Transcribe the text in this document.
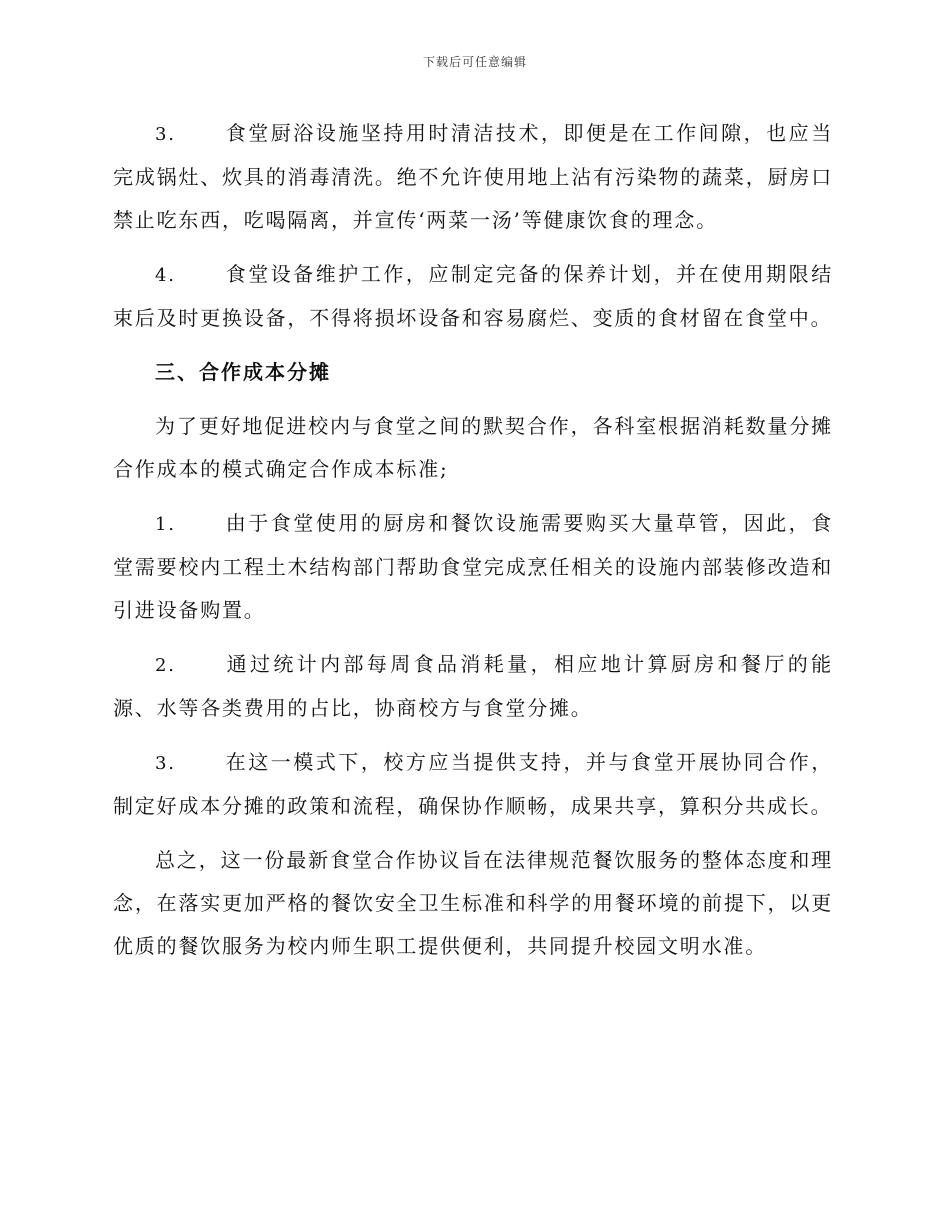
下载后可任意编辑

3. 食堂厨浴设施坚持用时清洁技术，即便是在工作间隙，也应当完成锅灶、炊具的消毒清洗。绝不允许使用地上沾有污染物的蔬菜，厨房口禁止吃东西，吃喝隔离，并宣传‘两菜一汤’等健康饮食的理念。

4. 食堂设备维护工作，应制定完备的保养计划，并在使用期限结束后及时更换设备，不得将损坏设备和容易腐烂、变质的食材留在食堂中。

三、合作成本分摊

为了更好地促进校内与食堂之间的默契合作，各科室根据消耗数量分摊合作成本的模式确定合作成本标准;

1. 由于食堂使用的厨房和餐饮设施需要购买大量草管，因此，食堂需要校内工程土木结构部门帮助食堂完成烹任相关的设施内部装修改造和引进设备购置。

2. 通过统计内部每周食品消耗量，相应地计算厨房和餐厅的能源、水等各类费用的占比，协商校方与食堂分摊。

3. 在这一模式下，校方应当提供支持，并与食堂开展协同合作，制定好成本分摊的政策和流程，确保协作顺畅，成果共享，算积分共成长。

总之，这一份最新食堂合作协议旨在法律规范餐饮服务的整体态度和理念，在落实更加严格的餐饮安全卫生标准和科学的用餐环境的前提下，以更优质的餐饮服务为校内师生职工提供便利，共同提升校园文明水准。
